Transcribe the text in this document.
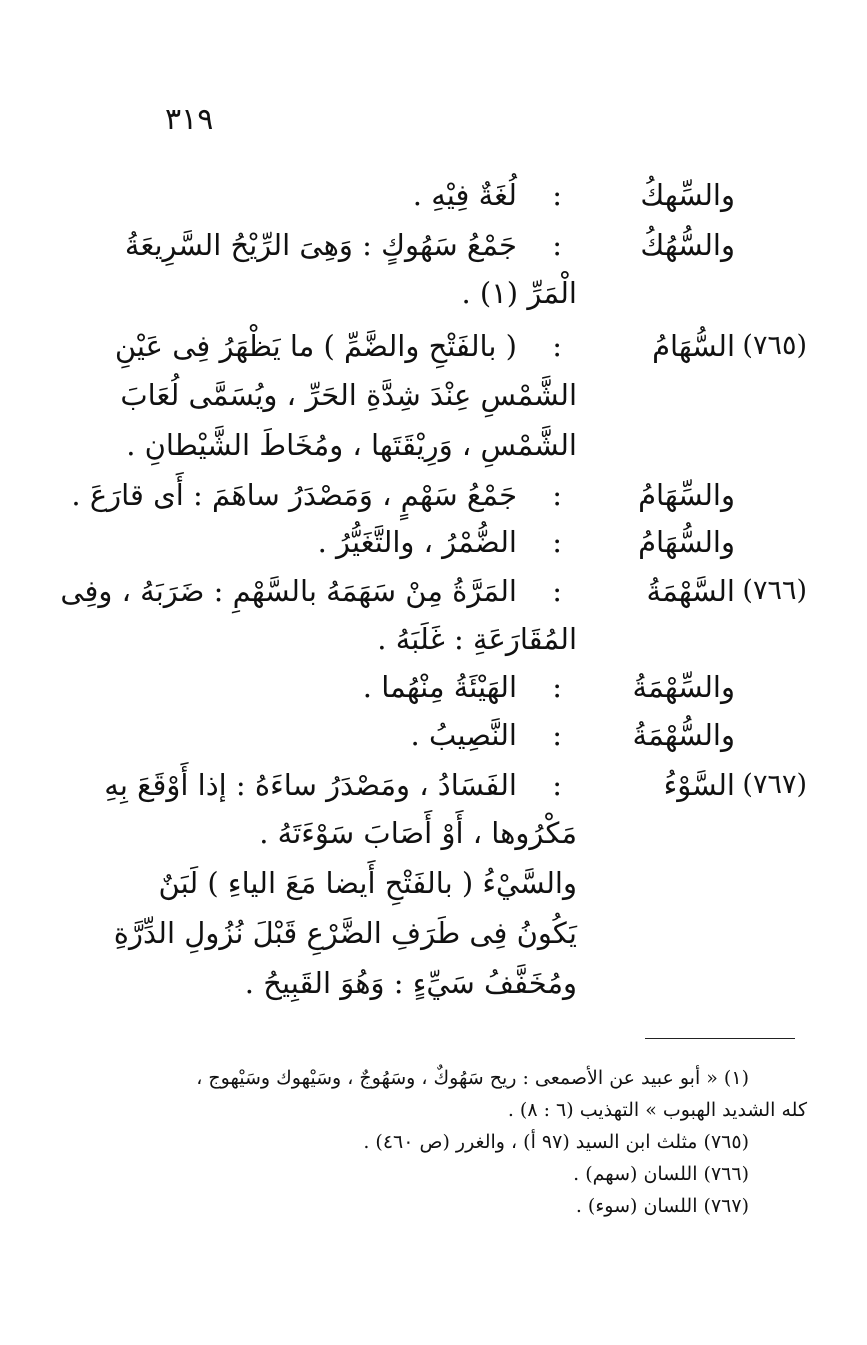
٣١٩
والسِّهكُ
:
لُغَةٌ فِيْهِ .
والسُّهُكُ
:
جَمْعُ سَهُوكٍ : وَهِىَ الرِّيْحُ السَّرِيعَةُ
الْمَرِّ (١) .
(٧٦٥)
السُّهَامُ
:
( بالفَتْحِ والضَّمِّ ) ما يَظْهَرُ فِى عَيْنِ
الشَّمْسِ عِنْدَ شِدَّةِ الحَرِّ ، ويُسَمَّى لُعَابَ
الشَّمْسِ ، وَرِيْقَتَها ، ومُخَاطَ الشَّيْطانِ .
والسِّهَامُ
:
جَمْعُ سَهْمٍ ، وَمَصْدَرُ ساهَمَ : أَى قارَعَ .
والسُّهَامُ
:
الضُّمْرُ ، والتَّغَيُّرُ .
(٧٦٦)
السَّهْمَةُ
:
المَرَّةُ مِنْ سَهَمَهُ بالسَّهْمِ : ضَرَبَهُ ، وفِى
المُقَارَعَةِ : غَلَبَهُ .
والسِّهْمَةُ
:
الهَيْئَةُ مِنْهُما .
والسُّهْمَةُ
:
النَّصِيبُ .
(٧٦٧)
السَّوْءُ
:
الفَسَادُ ، ومَصْدَرُ ساءَهُ : إذا أَوْقَعَ بِهِ
مَكْرُوها ، أَوْ أَصَابَ سَوْءَتَهُ .
والسَّيْءُ ( بالفَتْحِ أَيضا مَعَ الياءِ ) لَبَنٌ
يَكُونُ فِى طَرَفِ الضَّرْعِ قَبْلَ نُزُولِ الدِّرَّةِ
ومُخَفَّفُ سَيِّءٍ : وَهُوَ القَبِيحُ .
(١) « أبو عبيد عن الأصمعى : ريح سَهُوكٌ ، وسَهُوجٌ ، وسَيْهوك وسَيْهوج ،
كله الشديد الهبوب » التهذيب (٦ : ٨) .
(٧٦٥) مثلث ابن السيد (٩٧ أ) ، والغرر (ص ٤٦٠) .
(٧٦٦) اللسان (سهم) .
(٧٦٧) اللسان (سوء) .
